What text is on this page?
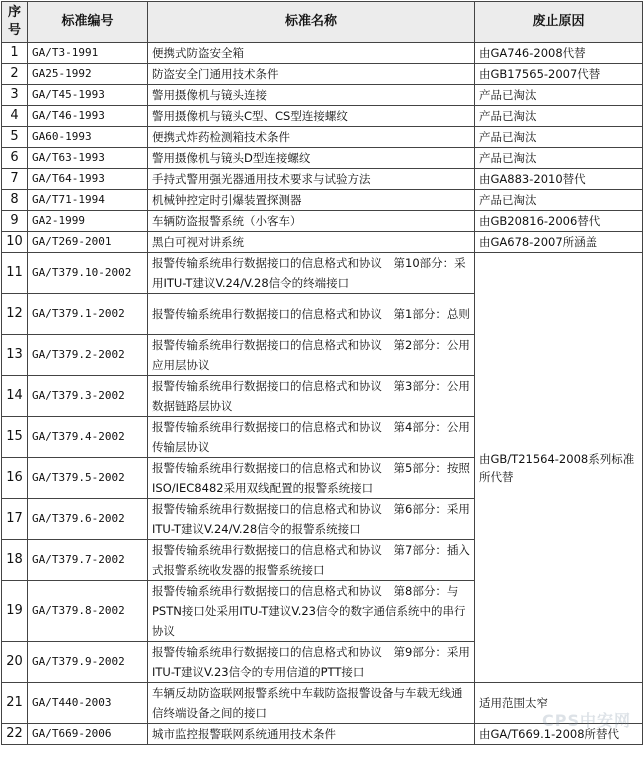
序号	标准编号	标准名称	废止原因
1	GA/T3-1991	便携式防盗安全箱	由GA746-2008代替
2	GA25-1992	防盗安全门通用技术条件	由GB17565-2007代替
3	GA/T45-1993	警用摄像机与镜头连接	产品已淘汰
4	GA/T46-1993	警用摄像机与镜头C型、CS型连接螺纹	产品已淘汰
5	GA60-1993	便携式炸药检测箱技术条件	产品已淘汰
6	GA/T63-1993	警用摄像机与镜头D型连接螺纹	产品已淘汰
7	GA/T64-1993	手持式警用强光器通用技术要求与试验方法	由GA883-2010替代
8	GA/T71-1994	机械钟控定时引爆装置探测器	产品已淘汰
9	GA2-1999	车辆防盗报警系统（小客车）	由GB20816-2006替代
10	GA/T269-2001	黑白可视对讲系统	由GA678-2007所涵盖
11	GA/T379.10-2002	报警传输系统串行数据接口的信息格式和协议　第10部分：采用ITU-T建议V.24/V.28信令的终端接口	由GB/T21564-2008系列标准所代替
12	GA/T379.1-2002	报警传输系统串行数据接口的信息格式和协议　第1部分：总则	
13	GA/T379.2-2002	报警传输系统串行数据接口的信息格式和协议　第2部分：公用应用层协议	
14	GA/T379.3-2002	报警传输系统串行数据接口的信息格式和协议　第3部分：公用数据链路层协议	
15	GA/T379.4-2002	报警传输系统串行数据接口的信息格式和协议　第4部分：公用传输层协议	
16	GA/T379.5-2002	报警传输系统串行数据接口的信息格式和协议　第5部分：按照ISO/IEC8482采用双线配置的报警系统接口	
17	GA/T379.6-2002	报警传输系统串行数据接口的信息格式和协议　第6部分：采用ITU-T建议V.24/V.28信令的报警系统接口	
18	GA/T379.7-2002	报警传输系统串行数据接口的信息格式和协议　第7部分：插入式报警系统收发器的报警系统接口	
19	GA/T379.8-2002	报警传输系统串行数据接口的信息格式和协议　第8部分：与PSTN接口处采用ITU-T建议V.23信令的数字通信系统中的串行协议	
20	GA/T379.9-2002	报警传输系统串行数据接口的信息格式和协议　第9部分：采用ITU-T建议V.23信令的专用信道的PTT接口	
21	GA/T440-2003	车辆反劫防盗联网报警系统中车载防盗报警设备与车载无线通信终端设备之间的接口	适用范围太窄
22	GA/T669-2006	城市监控报警联网系统通用技术条件	由GA/T669.1-2008所替代
CPS中安网
